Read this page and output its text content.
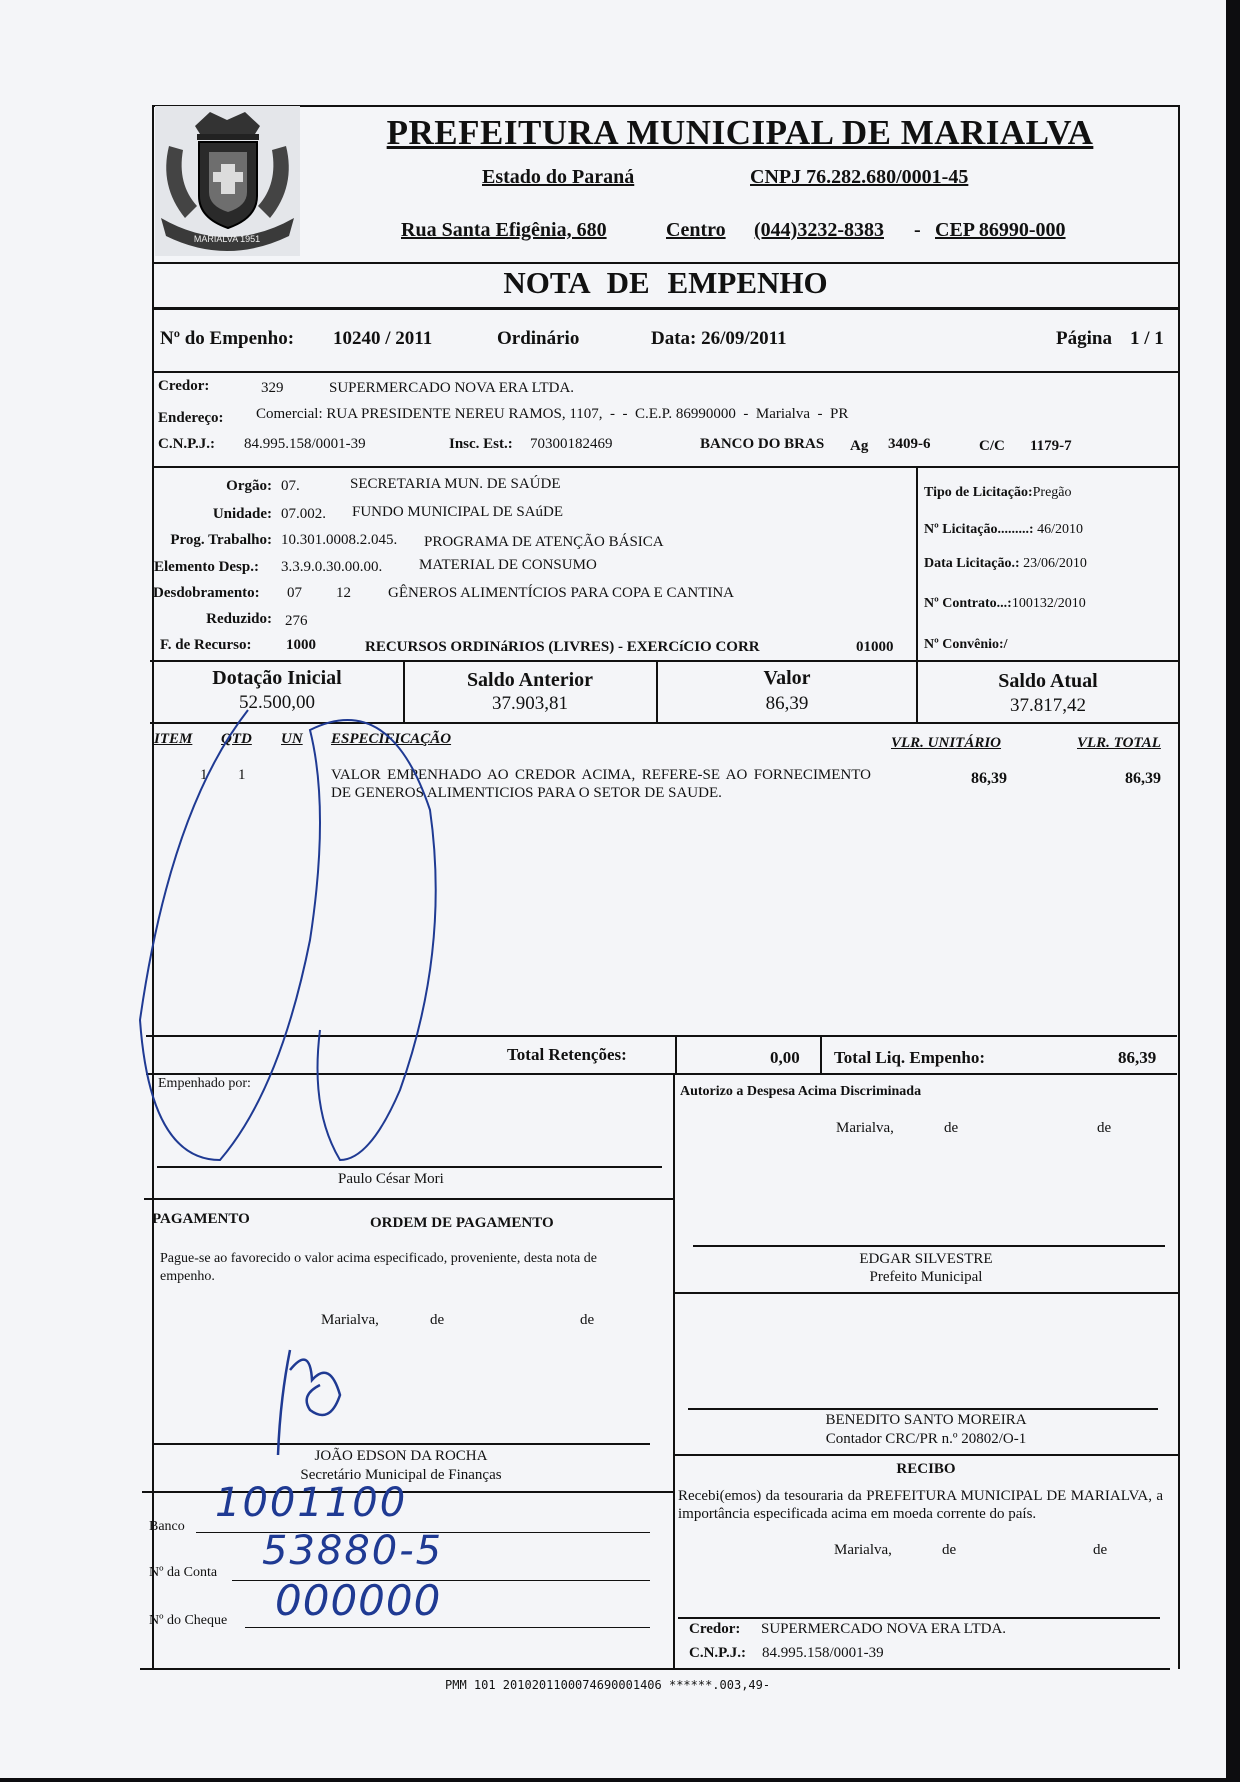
MARIALVA 1951
PREFEITURA MUNICIPAL DE MARIALVA
Estado do Paraná	CNPJ 76.282.680/0001-45
Rua Santa Efigênia, 680	Centro (044)3232-8383 - CEP 86990-000
NOTA DE EMPENHO
Nº do Empenho: 10240 / 2011	Ordinário	Data: 26/09/2011	Página 1 / 1
Credor:	329	SUPERMERCADO NOVA ERA LTDA.
Endereço: Comercial: RUA PRESIDENTE NEREU RAMOS, 1107,  -  -  C.E.P. 86990000  -  Marialva  -  PR
C.N.P.J.: 84.995.158/0001-39	Insc. Est.: 70300182469	BANCO DO BRAS Ag 3409-6	C/C 1179-7
Orgão: 07.	SECRETARIA MUN. DE SAÚDE
Unidade: 07.002. FUNDO MUNICIPAL DE SAúDE
Prog. Trabalho: 10.301.0008.2.045. PROGRAMA DE ATENÇÃO BÁSICA
Elemento Desp.: 3.3.9.0.30.00.00. MATERIAL DE CONSUMO
Desdobramento: 07 12 GÊNEROS ALIMENTÍCIOS PARA COPA E CANTINA
Reduzido: 276
F. de Recurso: 1000	RECURSOS ORDINáRIOS (LIVRES) - EXERCíCIO CORR	01000
Tipo de Licitação:Pregão
Nº Licitação.........: 46/2010
Data Licitação.: 23/06/2010
Nº Contrato...:100132/2010
Nº Convênio:/
Dotação Inicial
52.500,00
Saldo Anterior
37.903,81
Valor
86,39
Saldo Atual
37.817,42
ITEM QTD UN ESPECIFICAÇÃO	VLR. UNITÁRIO	VLR. TOTAL
1 1	VALOR EMPENHADO AO CREDOR ACIMA, REFERE-SE AO FORNECIMENTO DE GENEROS ALIMENTICIOS PARA O SETOR DE SAUDE.
86,39	86,39
Total Retenções:	0,00 Total Liq. Empenho:	86,39
Empenhado por:
Paulo César Mori
Autorizo a Despesa Acima Discriminada
Marialva,	de	de
EDGAR SILVESTRE
Prefeito Municipal
PAGAMENTO	ORDEM DE PAGAMENTO
Pague-se ao favorecido o valor acima especificado, proveniente, desta nota de empenho.
Marialva,	de	de
JOÃO EDSON DA ROCHA
Secretário Municipal de Finanças
BENEDITO SANTO MOREIRA
Contador CRC/PR n.º 20802/O-1
RECIBO
Recebi(emos) da tesouraria da PREFEITURA MUNICIPAL DE MARIALVA, a importância especificada acima em moeda corrente do país.
Marialva,	de	de
Credor: SUPERMERCADO NOVA ERA LTDA.
C.N.P.J.: 84.995.158/0001-39
Banco
1001100
Nº da Conta 53880-5
Nº do Cheque 000000
PMM 101 2010201100074690001406 ******.003,49-
